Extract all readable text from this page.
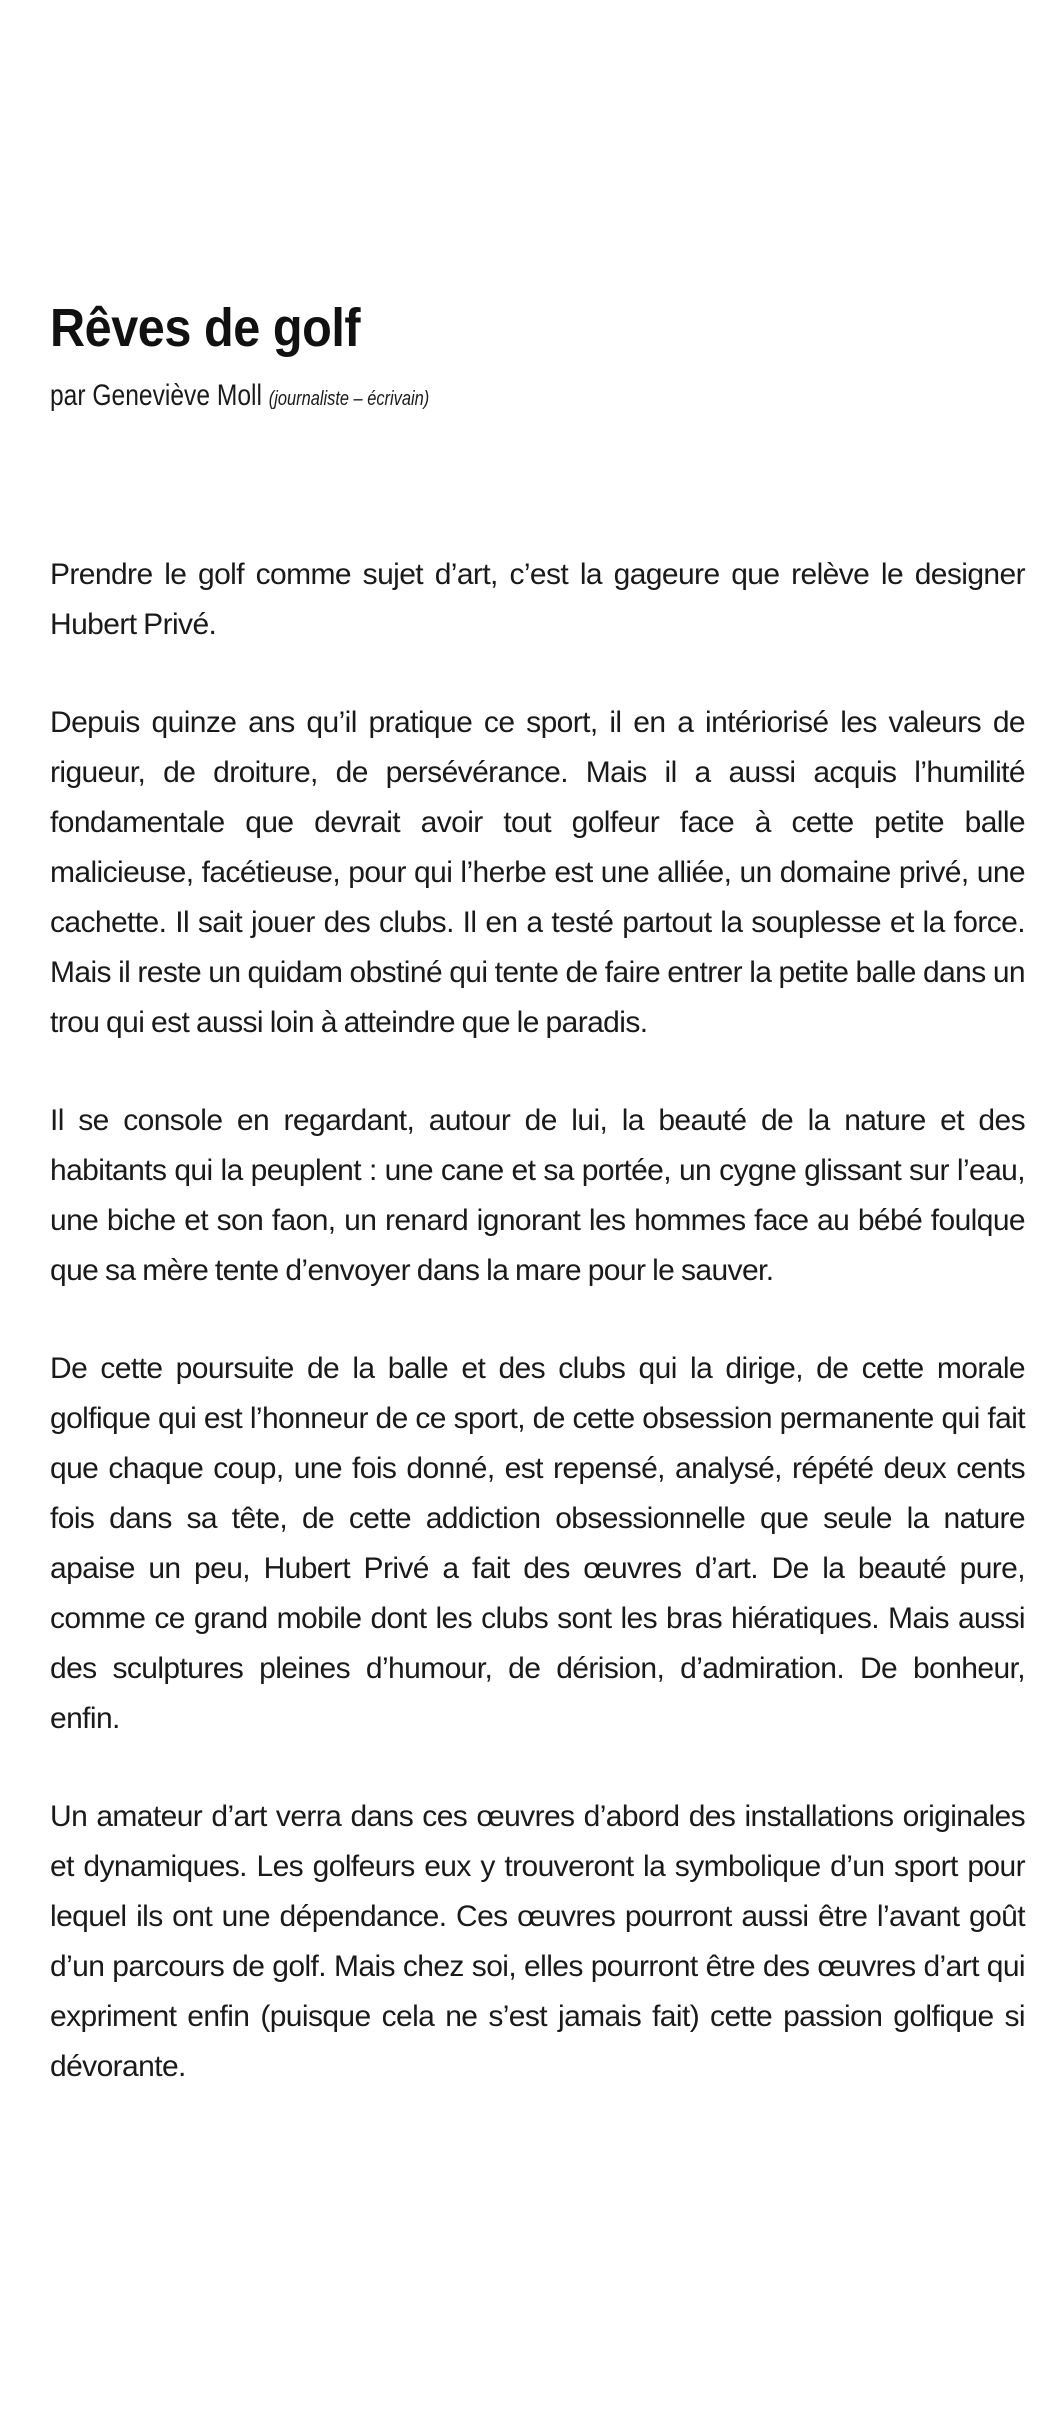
Rêves de golf
par Geneviève Moll (journaliste – écrivain)

Prendre le golf comme sujet d’art, c’est la gageure que relève le designer Hubert Privé.

Depuis quinze ans qu’il pratique ce sport, il en a intériorisé les valeurs de rigueur, de droiture, de persévérance. Mais il a aussi acquis l’humilité fondamentale que devrait avoir tout golfeur face à cette petite balle malicieuse, facétieuse, pour qui l’herbe est une alliée, un domaine privé, une cachette. Il sait jouer des clubs. Il en a testé partout la souplesse et la force. Mais il reste un quidam obstiné qui tente de faire entrer la petite balle dans un trou qui est aussi loin à atteindre que le paradis.

Il se console en regardant, autour de lui, la beauté de la nature et des habitants qui la peuplent : une cane et sa portée, un cygne glissant sur l’eau, une biche et son faon, un renard ignorant les hommes face au bébé foulque que sa mère tente d’envoyer dans la mare pour le sauver.

De cette poursuite de la balle et des clubs qui la dirige, de cette morale golfique qui est l’honneur de ce sport, de cette obsession permanente qui fait que chaque coup, une fois donné, est repensé, analysé, répété deux cents fois dans sa tête, de cette addiction obsessionnelle que seule la nature apaise un peu, Hubert Privé a fait des œuvres d’art. De la beauté pure, comme ce grand mobile dont les clubs sont les bras hiératiques. Mais aussi des sculptures pleines d’humour, de dérision, d’admiration. De bonheur, enfin.

Un amateur d’art verra dans ces œuvres d’abord des installations originales et dynamiques. Les golfeurs eux y trouveront la symbolique d’un sport pour lequel ils ont une dépendance. Ces œuvres pourront aussi être l’avant goût d’un parcours de golf. Mais chez soi, elles pourront être des œuvres d’art qui expriment enfin (puisque cela ne s’est jamais fait) cette passion golfique si dévorante.
